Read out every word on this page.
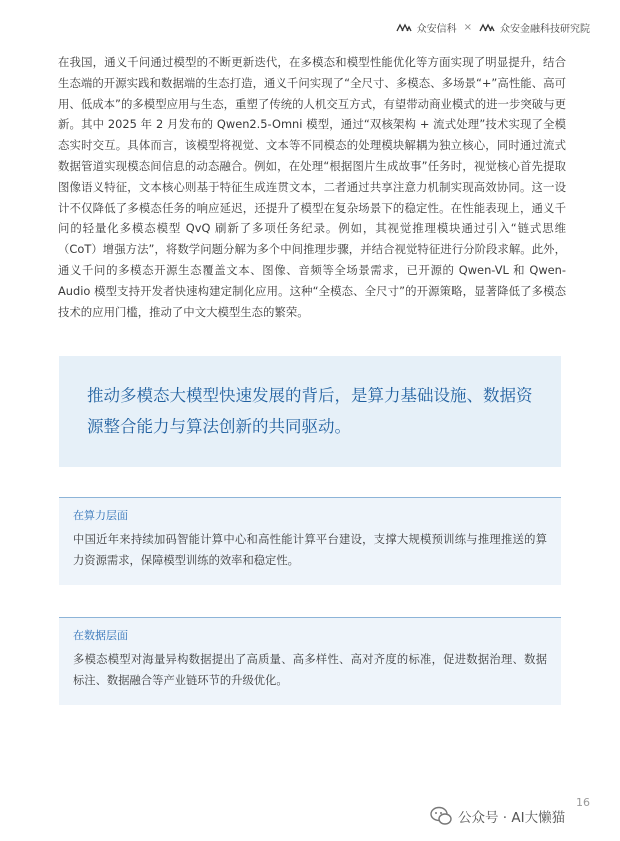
众安信科 ×	众安金融科技研究院

在我国，通义千问通过模型的不断更新迭代，在多模态和模型性能优化等方面实现了明显提升，结合生态端的开源实践和数据端的生态打造，通义千问实现了“全尺寸、多模态、多场景“+”高性能、高可用、低成本”的多模型应用与生态，重塑了传统的人机交互方式，有望带动商业模式的进一步突破与更新。其中 2025 年 2 月发布的 Qwen2.5-Omni 模型，通过“双核架构 + 流式处理”技术实现了全模态实时交互。具体而言，该模型将视觉、文本等不同模态的处理模块解耦为独立核心，同时通过流式数据管道实现模态间信息的动态融合。例如，在处理“根据图片生成故事”任务时，视觉核心首先提取图像语义特征，文本核心则基于特征生成连贯文本，二者通过共享注意力机制实现高效协同。这一设计不仅降低了多模态任务的响应延迟，还提升了模型在复杂场景下的稳定性。在性能表现上，通义千问的轻量化多模态模型 QvQ 刷新了多项任务纪录。例如，其视觉推理模块通过引入“链式思维（CoT）增强方法”，将数学问题分解为多个中间推理步骤，并结合视觉特征进行分阶段求解。此外，通义千问的多模态开源生态覆盖文本、图像、音频等全场景需求，已开源的 Qwen-VL 和 Qwen-Audio 模型支持开发者快速构建定制化应用。这种“全模态、全尺寸”的开源策略，显著降低了多模态技术的应用门槛，推动了中文大模型生态的繁荣。

推动多模态大模型快速发展的背后，是算力基础设施、数据资源整合能力与算法创新的共同驱动。

在算力层面

中国近年来持续加码智能计算中心和高性能计算平台建设，支撑大规模预训练与推理推送的算力资源需求，保障模型训练的效率和稳定性。

在数据层面

多模态模型对海量异构数据提出了高质量、高多样性、高对齐度的标准，促进数据治理、数据标注、数据融合等产业链环节的升级优化。

16
公众号 · AI大懒猫
